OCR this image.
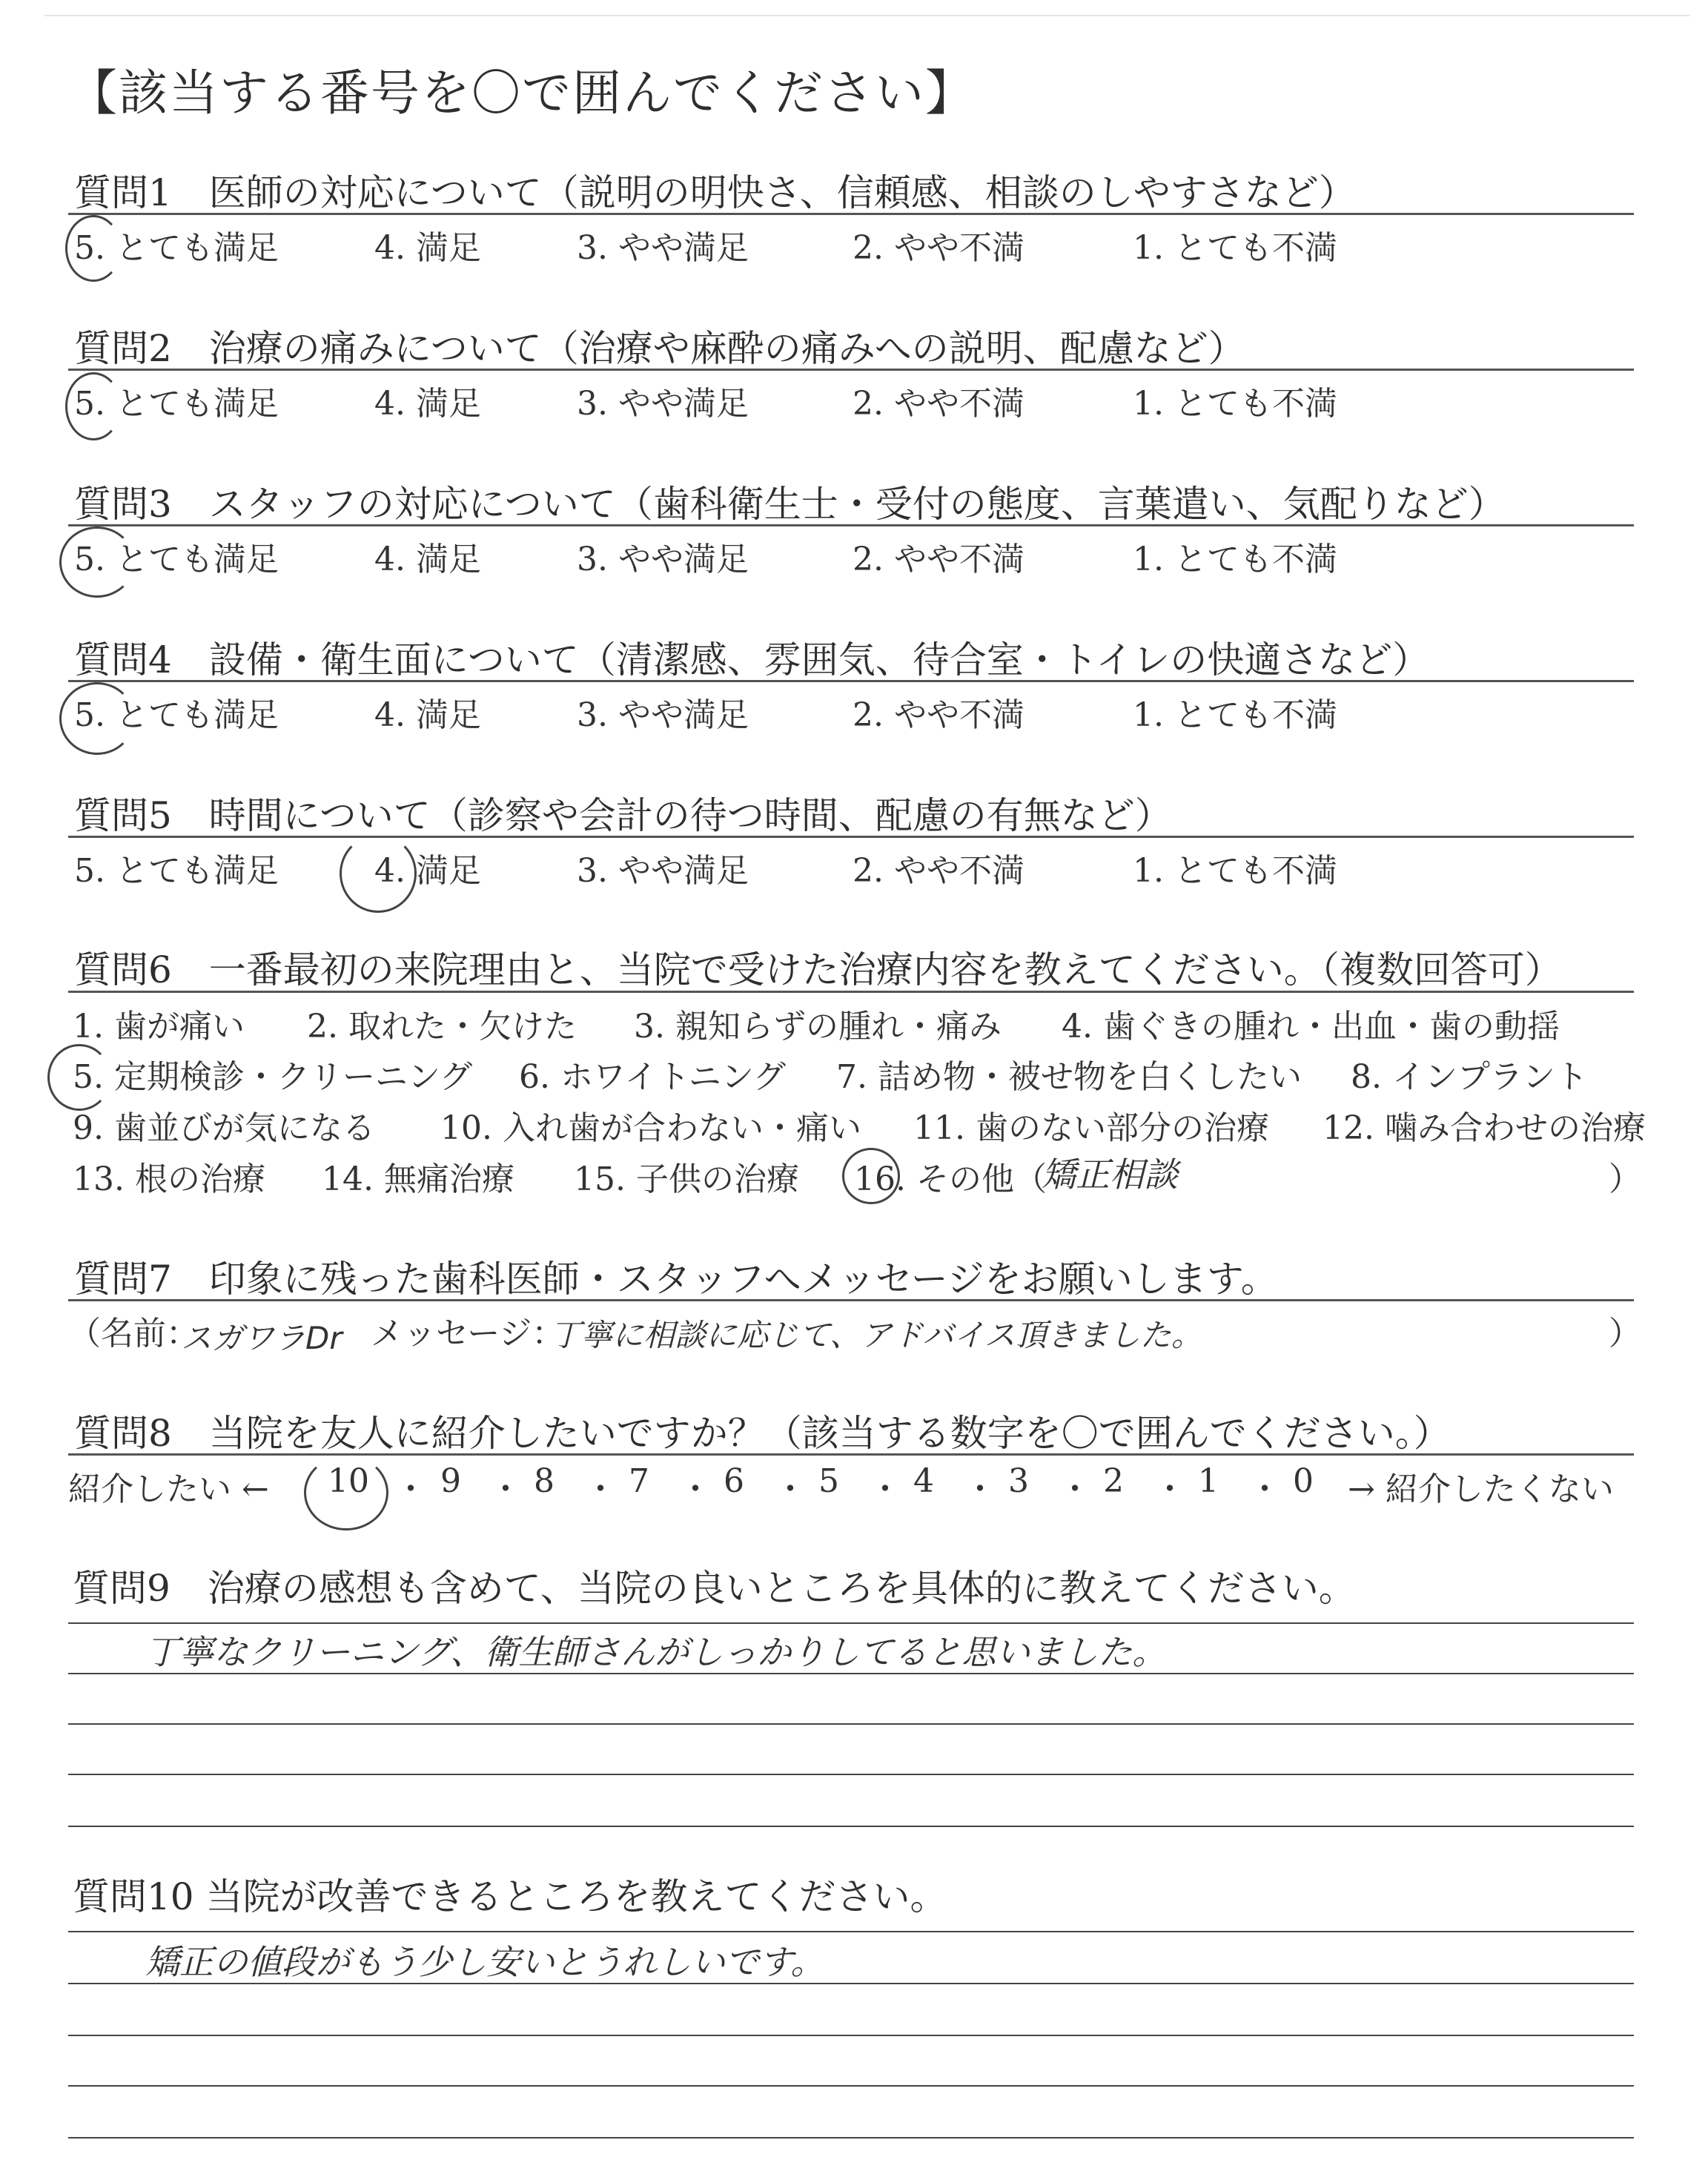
【該当する番号を〇で囲んでください】
質問1　医師の対応について（説明の明快さ、信頼感、相談のしやすさなど）
5. とても満足	4. 満足	3. やや満足	2. やや不満	1. とても不満
質問2　治療の痛みについて（治療や麻酔の痛みへの説明、配慮など）
5. とても満足	4. 満足	3. やや満足	2. やや不満	1. とても不満
質問3　スタッフの対応について（歯科衛生士・受付の態度、言葉遣い、気配りなど）
5. とても満足	4. 満足	3. やや満足	2. やや不満	1. とても不満
質問4　設備・衛生面について（清潔感、雰囲気、待合室・トイレの快適さなど）
5. とても満足	4. 満足	3. やや満足	2. やや不満	1. とても不満
質問5　時間について（診察や会計の待つ時間、配慮の有無など）
5. とても満足	4. 満足	3. やや満足	2. やや不満	1. とても不満
質問6　一番最初の来院理由と、当院で受けた治療内容を教えてください。（複数回答可）
1. 歯が痛い 2. 取れた・欠けた 3. 親知らずの腫れ・痛み 4. 歯ぐきの腫れ・出血・歯の動揺
5. 定期検診・クリーニング 6. ホワイトニング 7. 詰め物・被せ物を白くしたい 8. インプラント
9. 歯並びが気になる 10. 入れ歯が合わない・痛い 11. 歯のない部分の治療 12. 噛み合わせの治療
13. 根の治療 14. 無痛治療 15. 子供の治療 16. その他（
矯正相談	）
質問7　印象に残った歯科医師・スタッフへメッセージをお願いします。
（名前：
スガワラDr メッセージ：
丁寧に相談に応じて、アドバイス頂きました。	）
質問8　当院を友人に紹介したいですか？（該当する数字を〇で囲んでください。）
紹介したい ← 10 ・ 9 ・ 8 ・ 7 ・ 6 ・ 5 ・ 4 ・ 3 ・ 2 ・ 1 ・ 0 → 紹介したくない
質問9　治療の感想も含めて、当院の良いところを具体的に教えてください。
丁寧なクリーニング、衛生師さんがしっかりしてると思いました。
質問10 当院が改善できるところを教えてください。
矯正の値段がもう少し安いとうれしいです。
